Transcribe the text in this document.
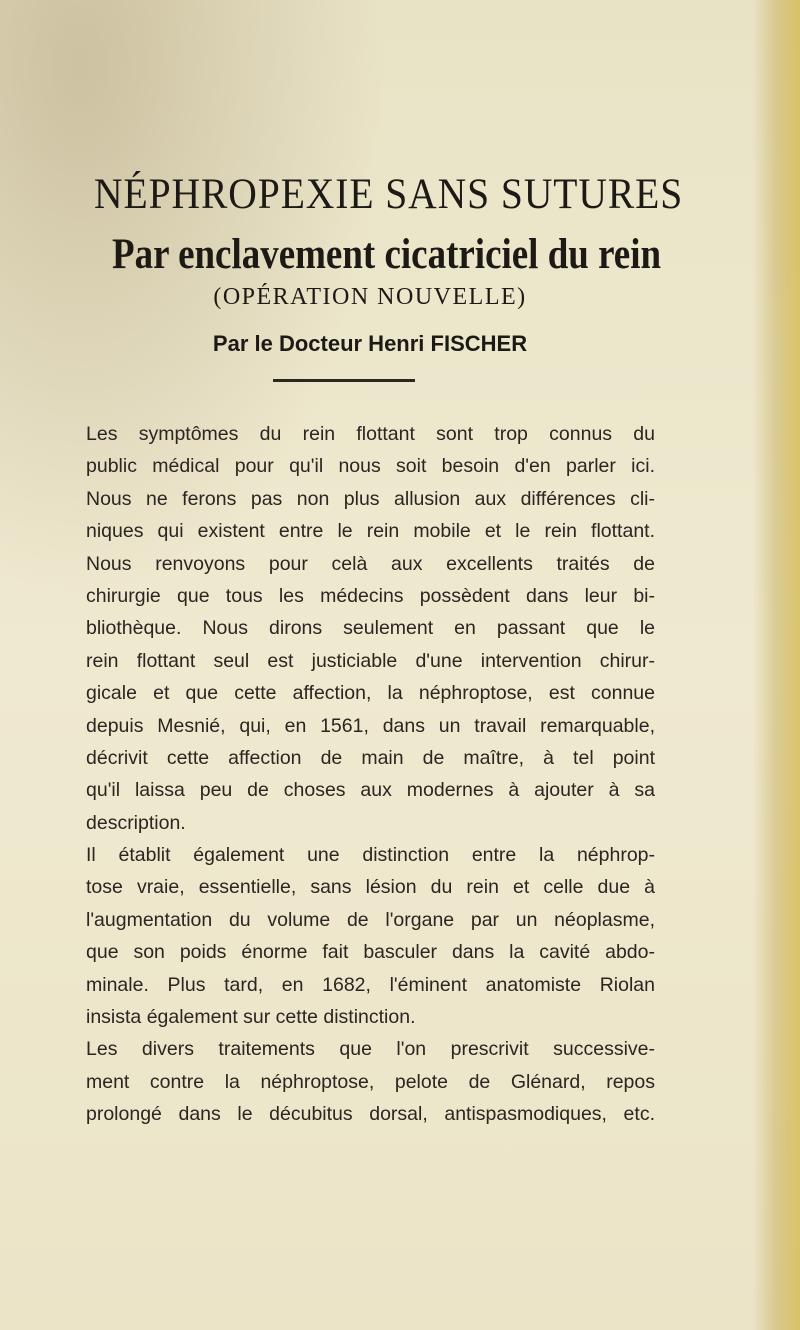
NÉPHROPEXIE SANS SUTURES
Par enclavement cicatriciel du rein
(OPÉRATION NOUVELLE)
Par le Docteur Henri FISCHER
Les symptômes du rein flottant sont trop connus du
public médical pour qu'il nous soit besoin d'en parler ici.
Nous ne ferons pas non plus allusion aux différences cli-
niques qui existent entre le rein mobile et le rein flottant.
Nous renvoyons pour celà aux excellents traités de
chirurgie que tous les médecins possèdent dans leur bi-
bliothèque. Nous dirons seulement en passant que le
rein flottant seul est justiciable d'une intervention chirur-
gicale et que cette affection, la néphroptose, est connue
depuis Mesnié, qui, en 1561, dans un travail remarquable,
décrivit cette affection de main de maître, à tel point
qu'il laissa peu de choses aux modernes à ajouter à sa
description.
Il établit également une distinction entre la néphrop-
tose vraie, essentielle, sans lésion du rein et celle due à
l'augmentation du volume de l'organe par un néoplasme,
que son poids énorme fait basculer dans la cavité abdo-
minale. Plus tard, en 1682, l'éminent anatomiste Riolan
insista également sur cette distinction.
Les divers traitements que l'on prescrivit successive-
ment contre la néphroptose, pelote de Glénard, repos
prolongé dans le décubitus dorsal, antispasmodiques, etc.
